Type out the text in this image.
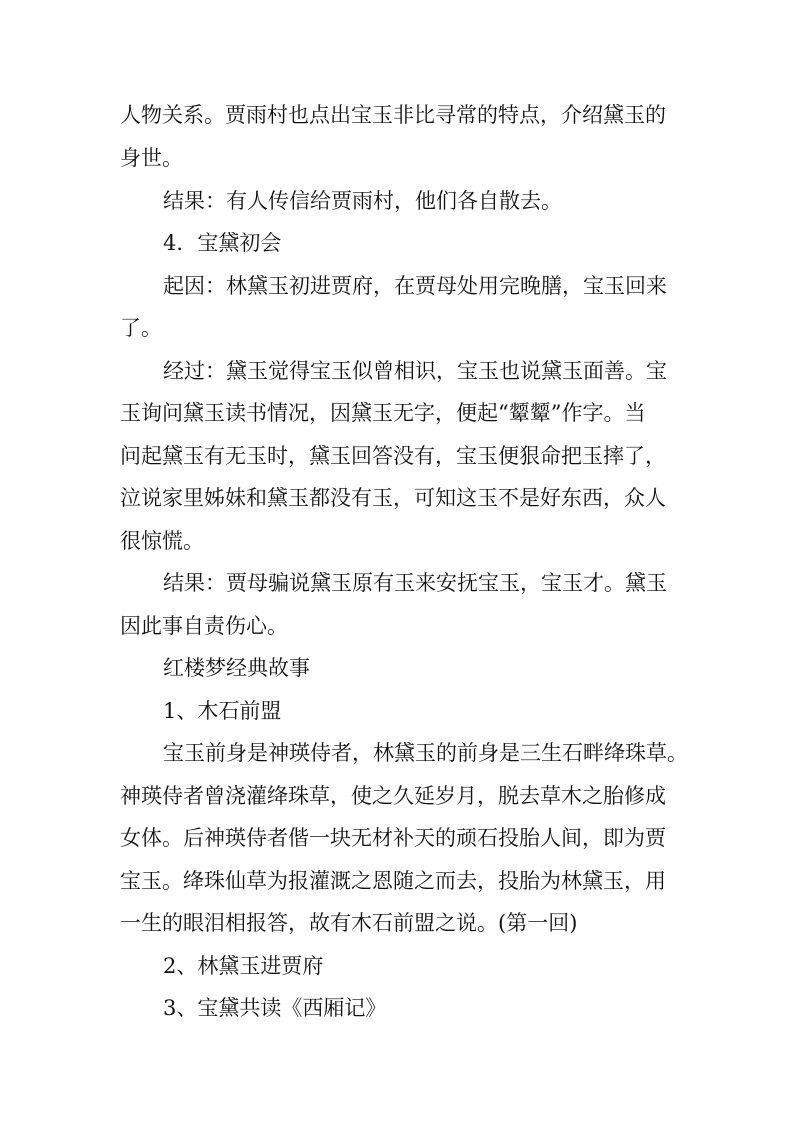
人物关系。贾雨村也点出宝玉非比寻常的特点，介绍黛玉的
身世。
结果：有人传信给贾雨村，他们各自散去。
4．宝黛初会
起因：林黛玉初进贾府，在贾母处用完晚膳，宝玉回来
了。
经过：黛玉觉得宝玉似曾相识，宝玉也说黛玉面善。宝
玉询问黛玉读书情况，因黛玉无字，便起“颦颦”作字。当
问起黛玉有无玉时，黛玉回答没有，宝玉便狠命把玉摔了，
泣说家里姊妹和黛玉都没有玉，可知这玉不是好东西，众人
很惊慌。
结果：贾母骗说黛玉原有玉来安抚宝玉，宝玉才。黛玉
因此事自责伤心。
红楼梦经典故事
1、木石前盟
宝玉前身是神瑛侍者，林黛玉的前身是三生石畔绛珠草。
神瑛侍者曾浇灌绛珠草，使之久延岁月，脱去草木之胎修成
女体。后神瑛侍者偕一块无材补天的顽石投胎人间，即为贾
宝玉。绛珠仙草为报灌溉之恩随之而去，投胎为林黛玉，用
一生的眼泪相报答，故有木石前盟之说。(第一回)
2、林黛玉进贾府
3、宝黛共读《西厢记》
